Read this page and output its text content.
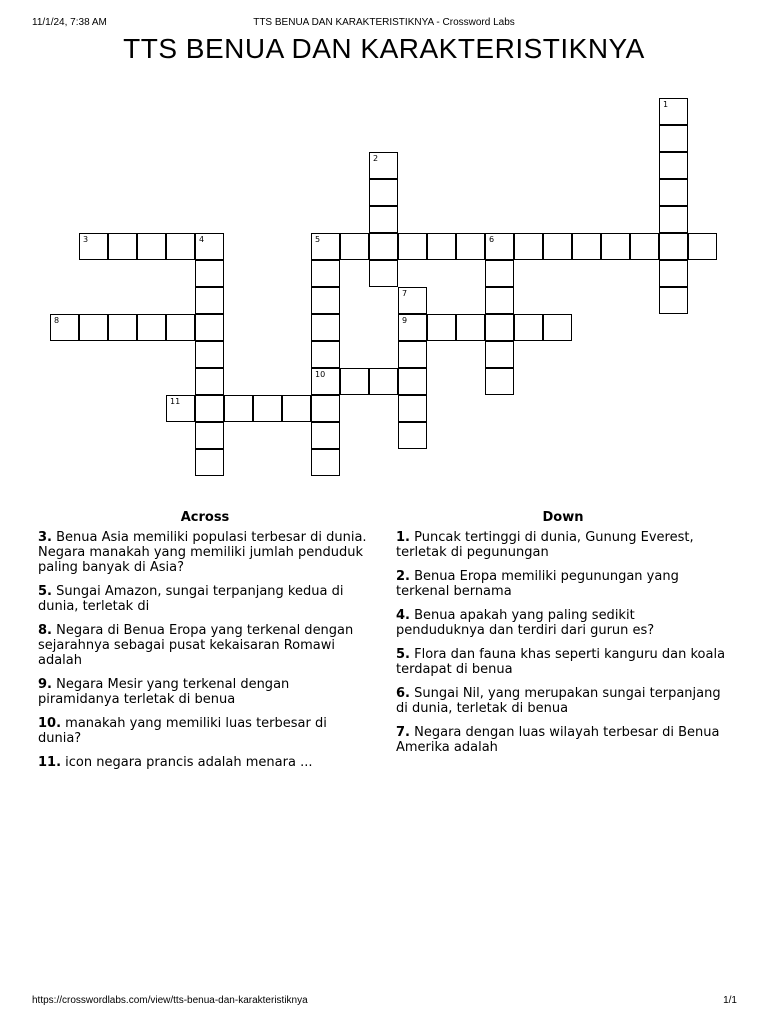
11/1/24, 7:38 AM	TTS BENUA DAN KARAKTERISTIKNYA - Crossword Labs
TTS BENUA DAN KARAKTERISTIKNYA
3	4	5	6
8	9
10
11
1
2
7
Across	Down

3. Benua Asia memiliki populasi terbesar di dunia. Negara manakah yang memiliki jumlah penduduk paling banyak di Asia?

5. Sungai Amazon, sungai terpanjang kedua di dunia, terletak di

8. Negara di Benua Eropa yang terkenal dengan sejarahnya sebagai pusat kekaisaran Romawi adalah

9. Negara Mesir yang terkenal dengan piramidanya terletak di benua

10. manakah yang memiliki luas terbesar di dunia?

11. icon negara prancis adalah menara ...

1. Puncak tertinggi di dunia, Gunung Everest, terletak di pegunungan

2. Benua Eropa memiliki pegunungan yang terkenal bernama

4. Benua apakah yang paling sedikit penduduknya dan terdiri dari gurun es?

5. Flora dan fauna khas seperti kanguru dan koala terdapat di benua

6. Sungai Nil, yang merupakan sungai terpanjang di dunia, terletak di benua

7. Negara dengan luas wilayah terbesar di Benua Amerika adalah

https://crosswordlabs.com/view/tts-benua-dan-karakteristiknya	1/1
